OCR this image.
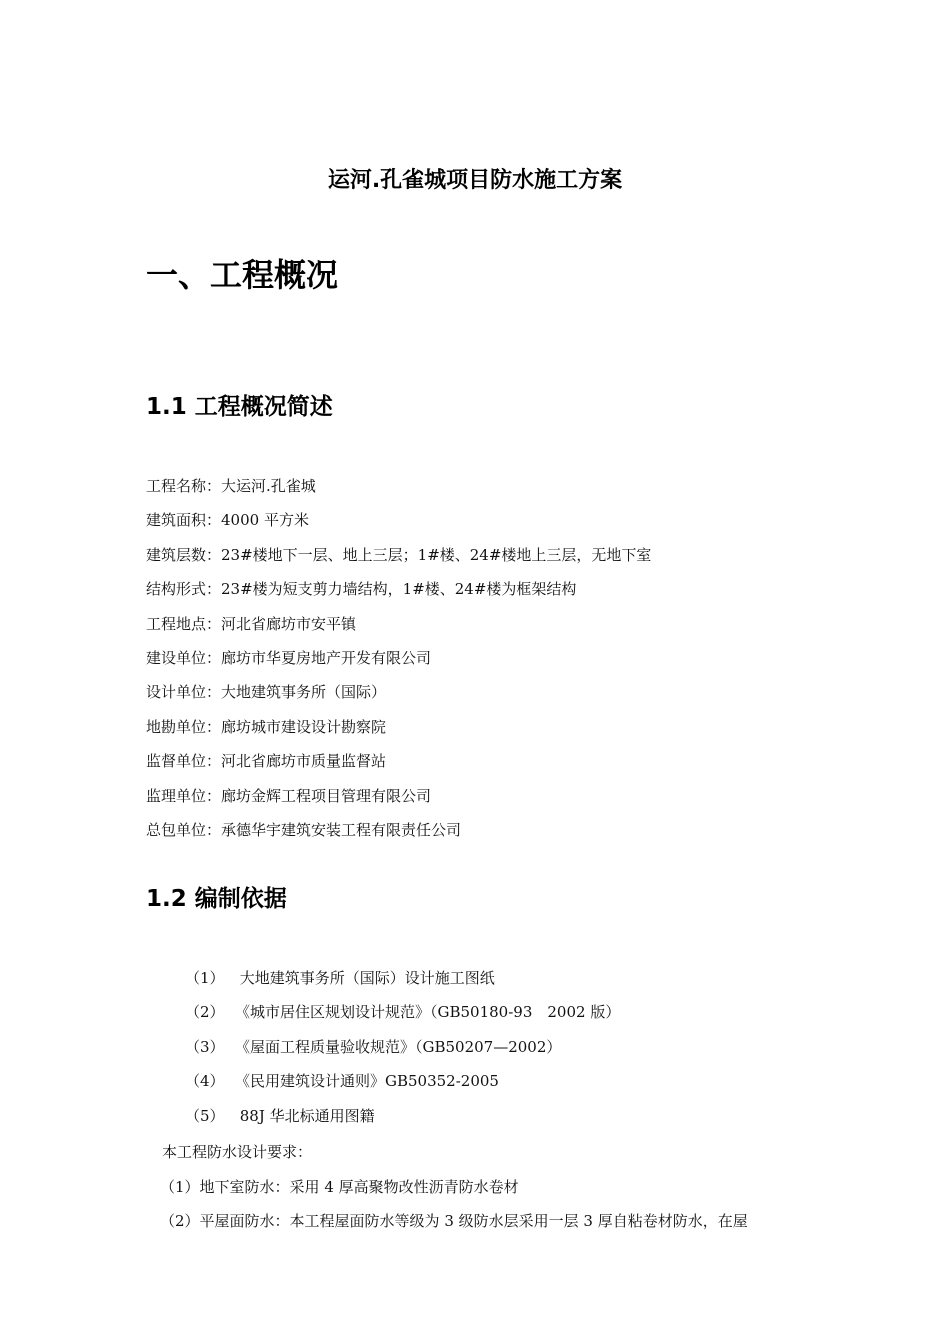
运河.孔雀城项目防水施工方案
一、工程概况
1.1 工程概况简述
工程名称：大运河.孔雀城
建筑面积：4000 平方米
建筑层数：23#楼地下一层、地上三层；1#楼、24#楼地上三层，无地下室
结构形式：23#楼为短支剪力墙结构，1#楼、24#楼为框架结构
工程地点：河北省廊坊市安平镇
建设单位：廊坊市华夏房地产开发有限公司
设计单位：大地建筑事务所（国际）
地勘单位：廊坊城市建设设计勘察院
监督单位：河北省廊坊市质量监督站
监理单位：廊坊金辉工程项目管理有限公司
总包单位：承德华宇建筑安装工程有限责任公司
1.2 编制依据
（1） 大地建筑事务所（国际）设计施工图纸
（2） 《城市居住区规划设计规范》（GB50180-93　2002 版）
（3） 《屋面工程质量验收规范》（GB50207—2002）
（4） 《民用建筑设计通则》GB50352-2005
（5） 88J 华北标通用图籍

本工程防水设计要求：

（1）地下室防水：采用 4 厚高聚物改性沥青防水卷材
（2）平屋面防水：本工程屋面防水等级为 3 级防水层采用一层 3 厚自粘卷材防水，在屋
